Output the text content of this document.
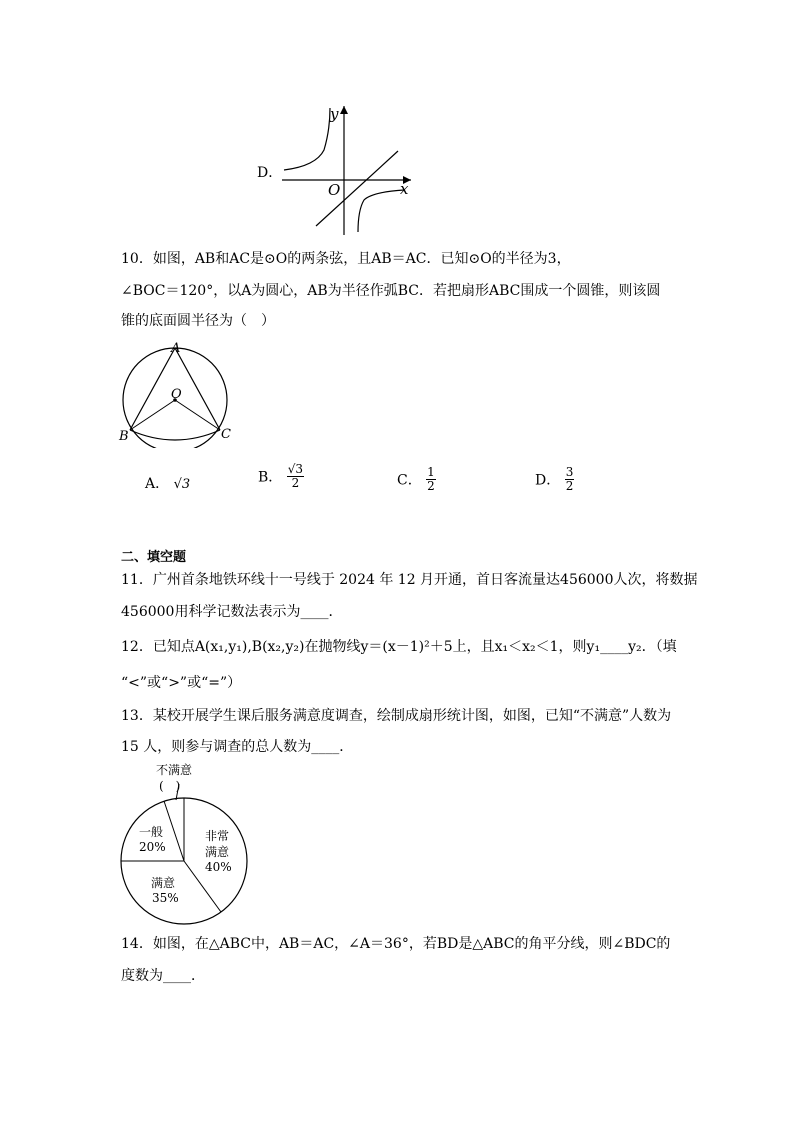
D．
y
x
O
10．如图，AB和AC是⊙O的两条弦，且AB＝AC．已知⊙O的半径为3，
∠BOC＝120°，以A为圆心，AB为半径作弧BC．若把扇形ABC围成一个圆锥，则该圆
锥的底面圆半径为（　）
A
O
B	C
A． √3	B． $\frac{√3}{2}$	C． $\frac{1}{2}$	D． $\frac{3}{2}$
二、填空题
11．广州首条地铁环线十一号线于 2024 年 12 月开通，首日客流量达456000人次，将数据
456000用科学记数法表示为____．
12．已知点A(x₁,y₁),B(x₂,y₂)在抛物线y＝(x－1)²＋5上，且x₁＜x₂＜1，则y₁____y₂．（填
“<”或“>”或“=”）
13．某校开展学生课后服务满意度调查，绘制成扇形统计图，如图，已知“不满意”人数为
15 人，则参与调查的总人数为____．
不满意
(　)
一般
20%
非常
满意
40%
满意
35%
14．如图，在△ABC中，AB＝AC，∠A＝36°，若BD是△ABC的角平分线，则∠BDC的
度数为____．
